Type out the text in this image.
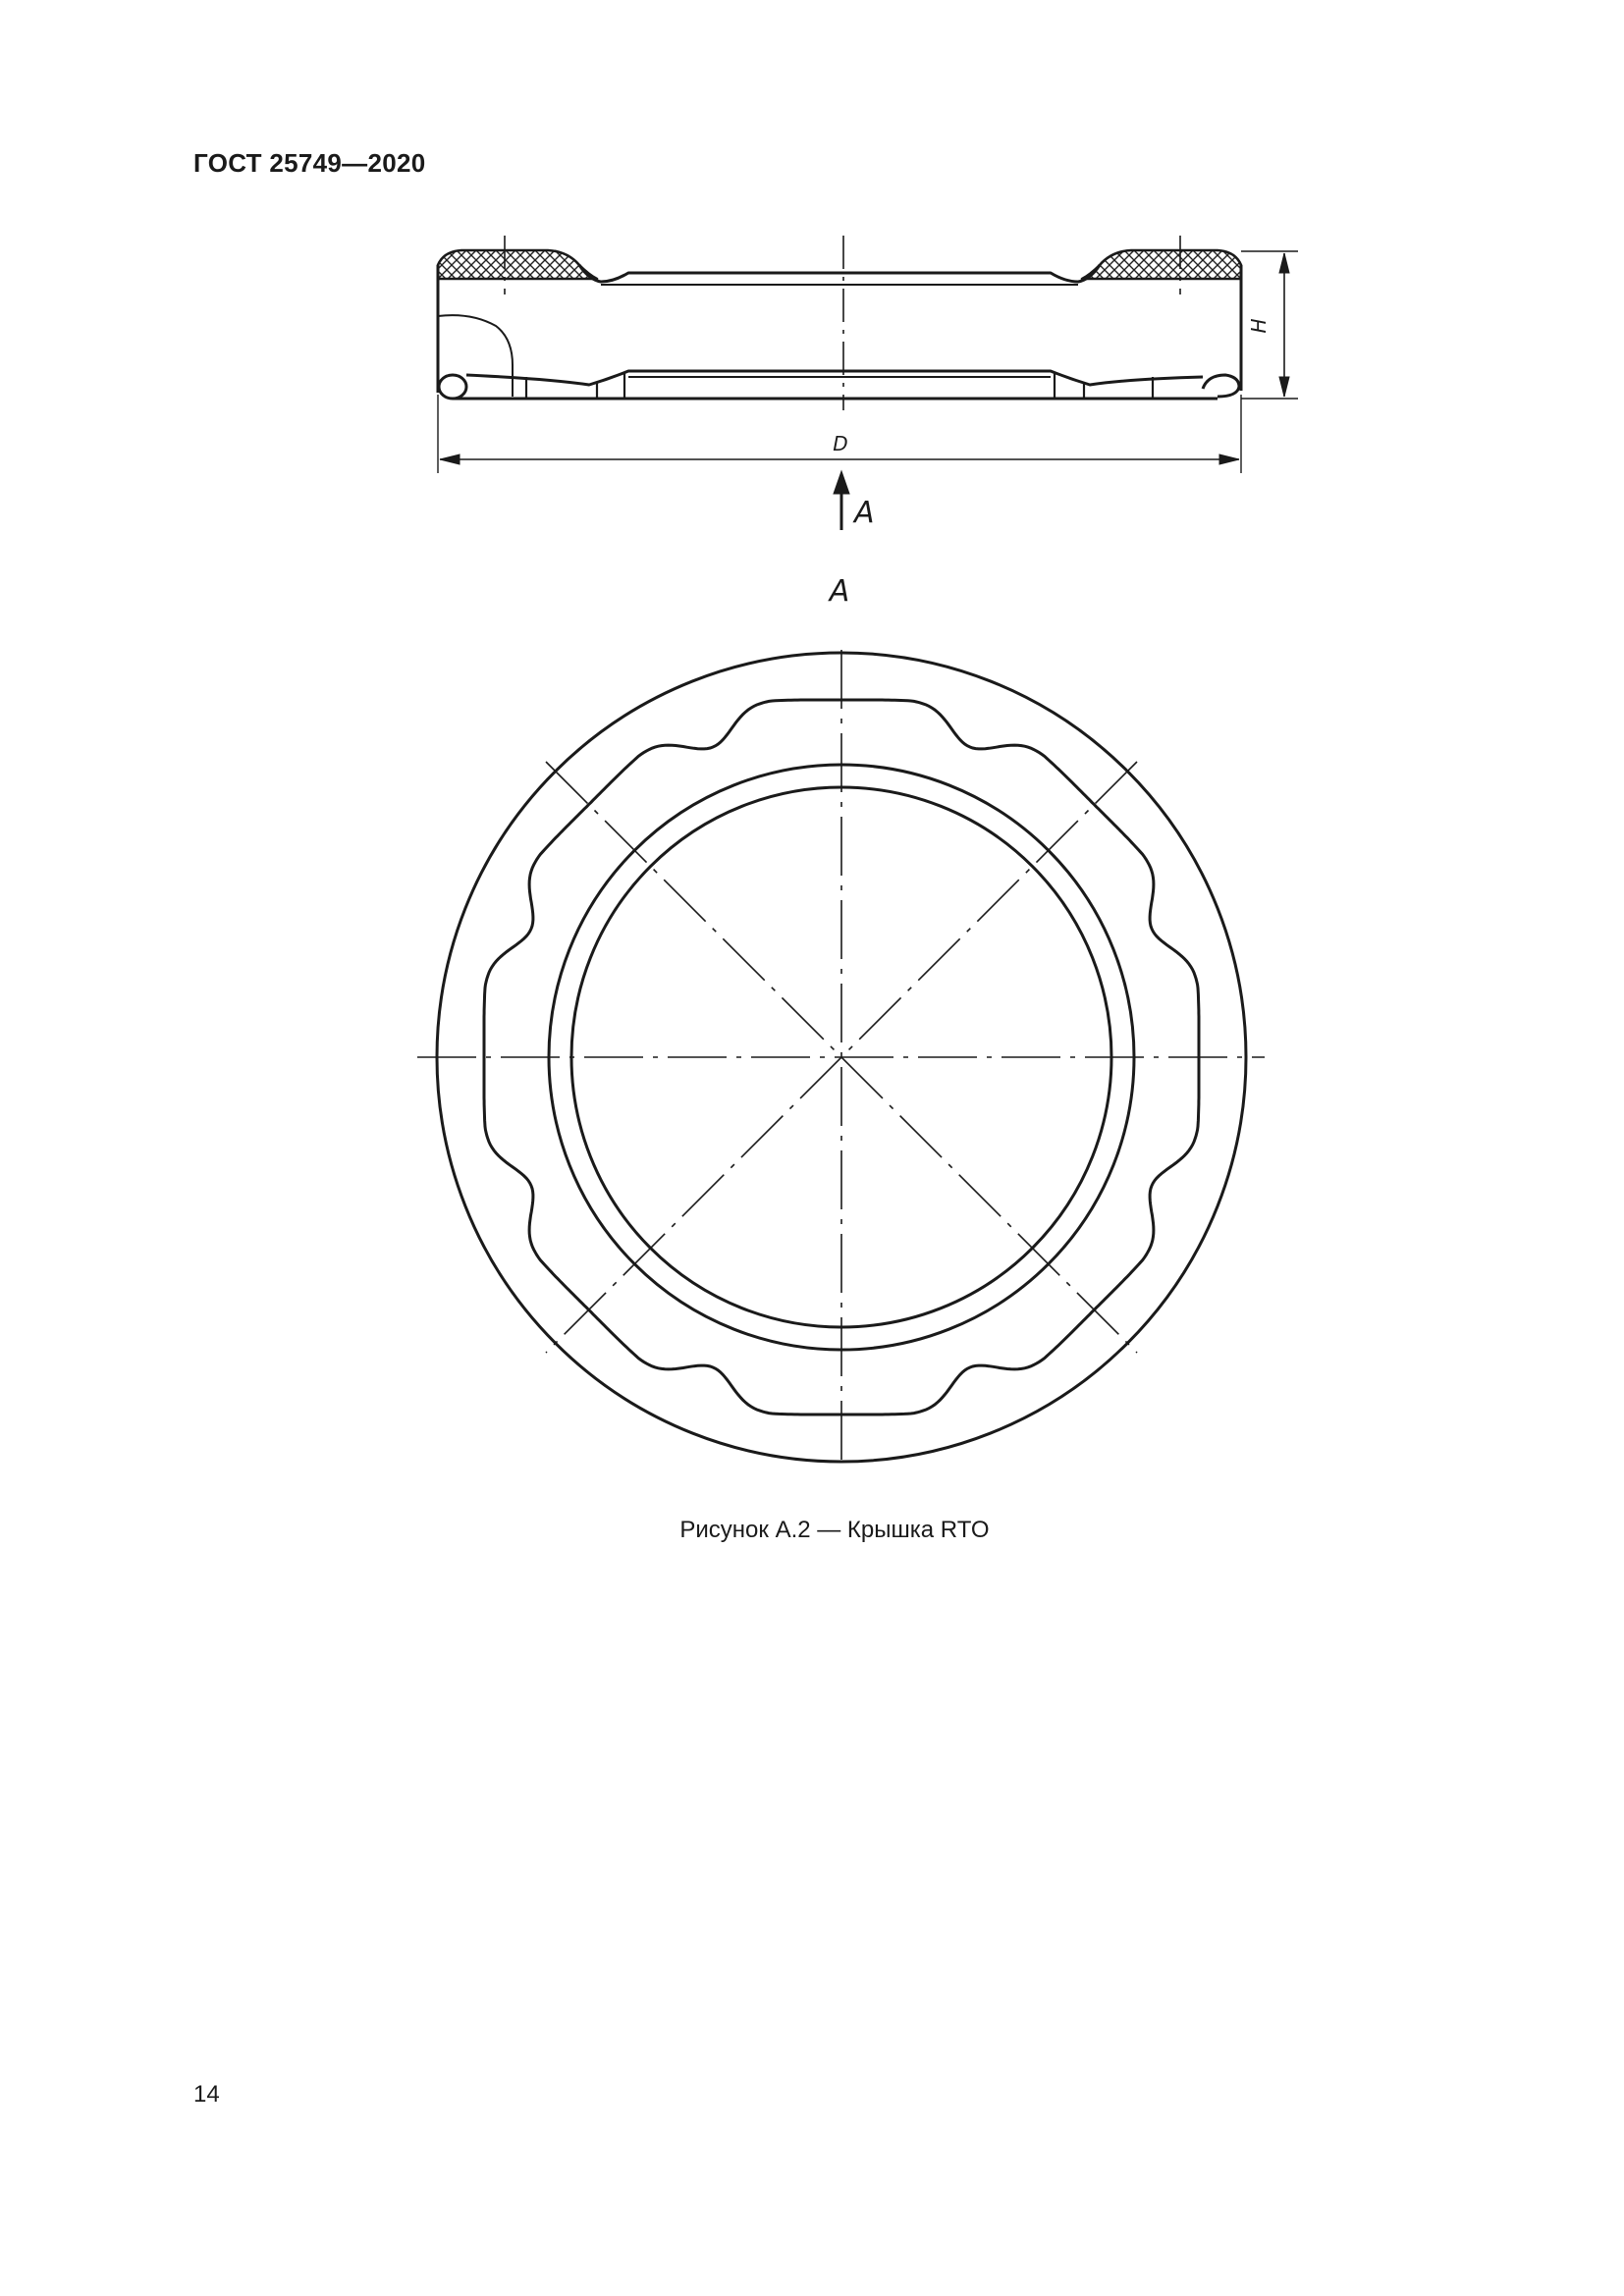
ГОСТ 25749—2020
H
D
A
A
Рисунок А.2 — Крышка RTO
14
